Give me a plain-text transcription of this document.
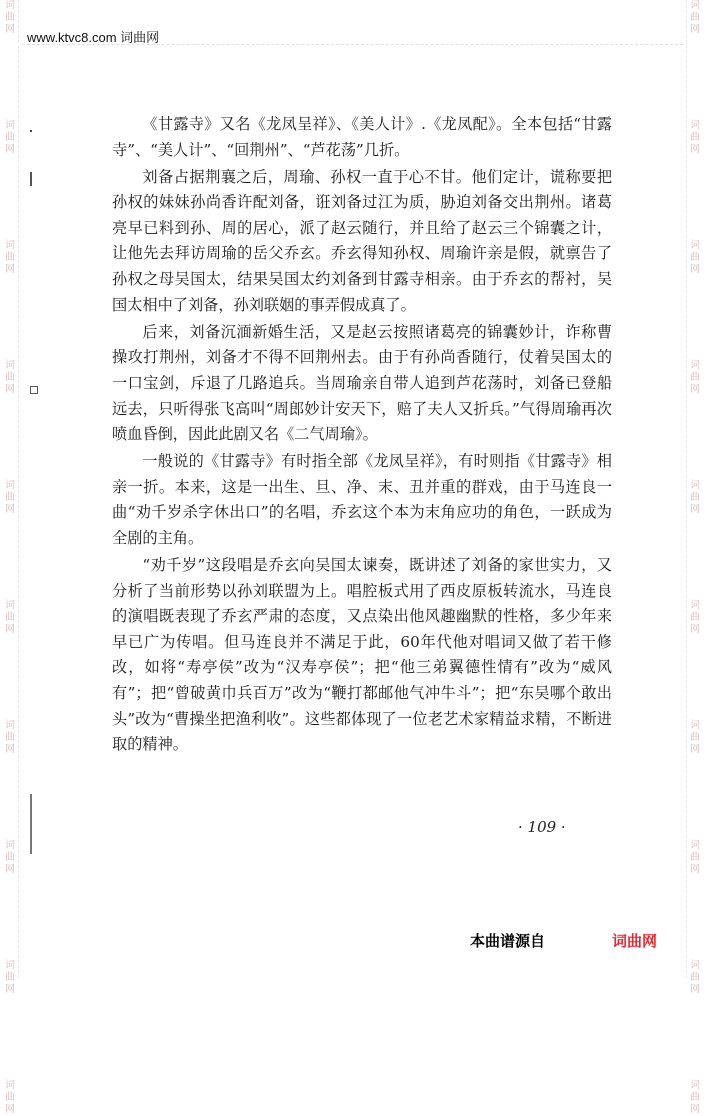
词
曲
网
词
曲
网
词
曲
网
词
曲
网
词
曲
网
词
曲
网
词
曲
网
词
曲
网
词
曲
网
词
曲
网
词
曲
网
词
曲
网
词
曲
网
词
曲
网
词
曲
网
词
曲
网
词
曲
网
词
曲
网
词
曲
网
词
曲
网
www.ktvc8.com 词曲网

《甘露寺》又名《龙凤呈祥》、《美人计》.《龙凤配》。全本包括“甘露寺”、“美人计”、“回荆州”、“芦花荡”几折。

刘备占据荆襄之后，周瑜、孙权一直于心不甘。他们定计，谎称要把孙权的妹妹孙尚香许配刘备，诳刘备过江为质，胁迫刘备交出荆州。诸葛亮早已料到孙、周的居心，派了赵云随行，并且给了赵云三个锦囊之计，让他先去拜访周瑜的岳父乔玄。乔玄得知孙权、周瑜许亲是假，就禀告了孙权之母吴国太，结果吴国太约刘备到甘露寺相亲。由于乔玄的帮衬，吴国太相中了刘备，孙刘联姻的事弄假成真了。

后来，刘备沉湎新婚生活，又是赵云按照诸葛亮的锦囊妙计，诈称曹操攻打荆州，刘备才不得不回荆州去。由于有孙尚香随行，仗着吴国太的一口宝剑，斥退了几路追兵。当周瑜亲自带人追到芦花荡时，刘备已登船远去，只听得张飞高叫“周郎妙计安天下，赔了夫人又折兵。”气得周瑜再次喷血昏倒，因此此剧又名《二气周瑜》。

一般说的《甘露寺》有时指全部《龙凤呈祥》，有时则指《甘露寺》相亲一折。本来，这是一出生、旦、净、末、丑并重的群戏，由于马连良一曲“劝千岁杀字休出口”的名唱，乔玄这个本为末角应功的角色，一跃成为全剧的主角。

“劝千岁”这段唱是乔玄向吴国太谏奏，既讲述了刘备的家世实力，又分析了当前形势以孙刘联盟为上。唱腔板式用了西皮原板转流水，马连良的演唱既表现了乔玄严肃的态度，又点染出他风趣幽默的性格，多少年来早已广为传唱。但马连良并不满足于此，60年代他对唱词又做了若干修改，如将“寿亭侯”改为“汉寿亭侯”；把“他三弟翼德性情有”改为“威风有”；把“曾破黄巾兵百万”改为“鞭打都邮他气冲牛斗”；把“东吴哪个敢出头”改为“曹操坐把渔利收”。这些都体现了一位老艺术家精益求精，不断进取的精神。

· 109 ·
本曲谱源自	词曲网
